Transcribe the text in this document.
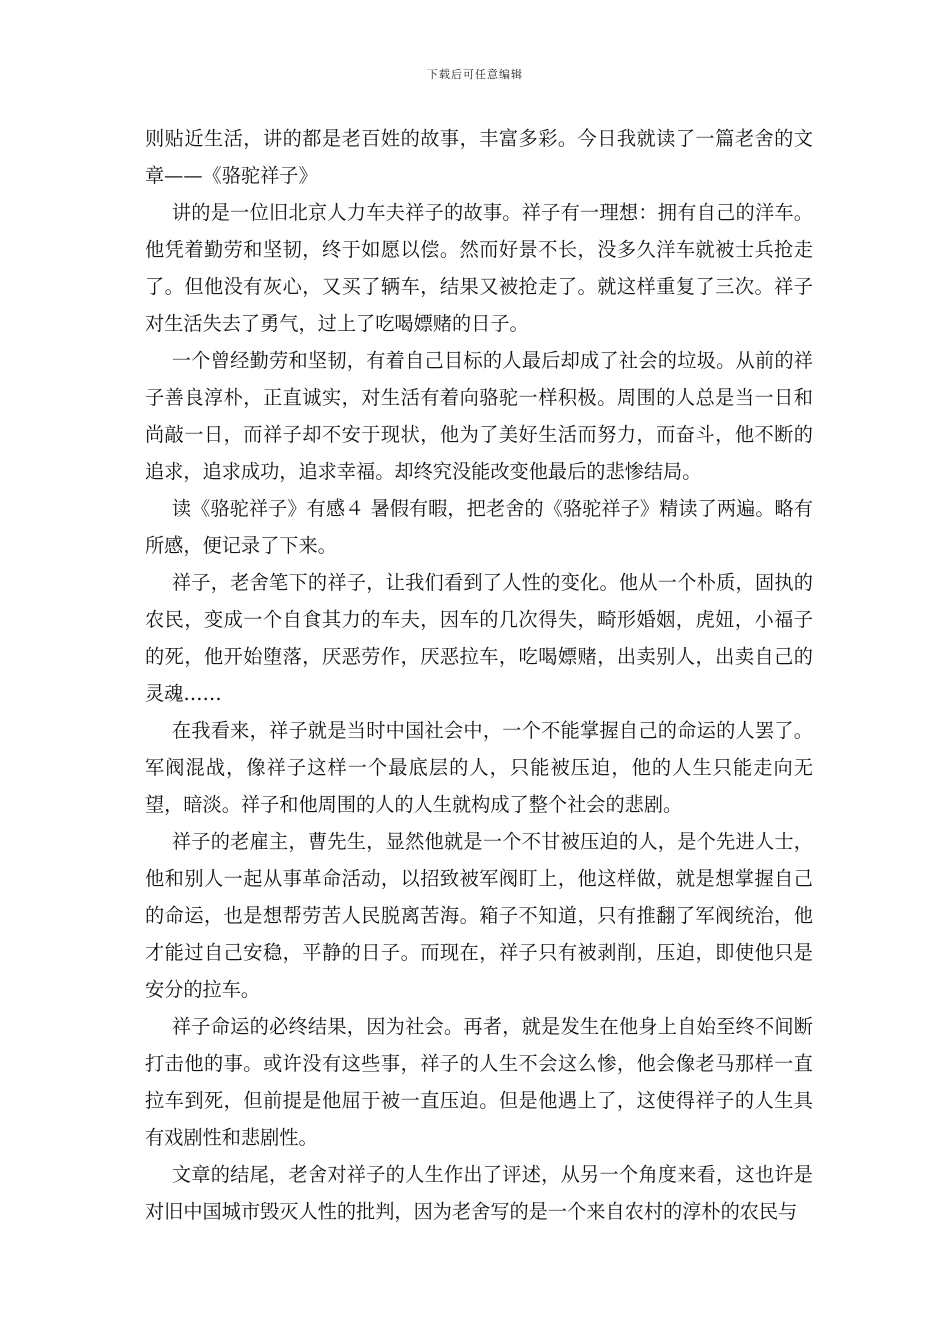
下载后可任意编辑

则贴近生活，讲的都是老百姓的故事，丰富多彩。今日我就读了一篇老舍的文章——《骆驼祥子》

讲的是一位旧北京人力车夫祥子的故事。祥子有一理想：拥有自己的洋车。他凭着勤劳和坚韧，终于如愿以偿。然而好景不长，没多久洋车就被士兵抢走了。但他没有灰心，又买了辆车，结果又被抢走了。就这样重复了三次。祥子对生活失去了勇气，过上了吃喝嫖赌的日子。

一个曾经勤劳和坚韧，有着自己目标的人最后却成了社会的垃圾。从前的祥子善良淳朴，正直诚实，对生活有着向骆驼一样积极。周围的人总是当一日和尚敲一日，而祥子却不安于现状，他为了美好生活而努力，而奋斗，他不断的追求，追求成功，追求幸福。却终究没能改变他最后的悲惨结局。

读《骆驼祥子》有感４ 暑假有暇，把老舍的《骆驼祥子》精读了两遍。略有所感，便记录了下来。

祥子，老舍笔下的祥子，让我们看到了人性的变化。他从一个朴质，固执的农民，变成一个自食其力的车夫，因车的几次得失，畸形婚姻，虎妞，小福子的死，他开始堕落，厌恶劳作，厌恶拉车，吃喝嫖赌，出卖别人，出卖自己的灵魂……

在我看来，祥子就是当时中国社会中，一个不能掌握自己的命运的人罢了。军阀混战，像祥子这样一个最底层的人，只能被压迫，他的人生只能走向无望，暗淡。祥子和他周围的人的人生就构成了整个社会的悲剧。

祥子的老雇主，曹先生，显然他就是一个不甘被压迫的人，是个先进人士，他和别人一起从事革命活动，以招致被军阀盯上，他这样做，就是想掌握自己的命运，也是想帮劳苦人民脱离苦海。箱子不知道，只有推翻了军阀统治，他才能过自己安稳，平静的日子。而现在，祥子只有被剥削，压迫，即使他只是安分的拉车。

祥子命运的必终结果，因为社会。再者，就是发生在他身上自始至终不间断打击他的事。或许没有这些事，祥子的人生不会这么惨，他会像老马那样一直拉车到死，但前提是他屈于被一直压迫。但是他遇上了，这使得祥子的人生具有戏剧性和悲剧性。

文章的结尾，老舍对祥子的人生作出了评述，从另一个角度来看，这也许是对旧中国城市毁灭人性的批判，因为老舍写的是一个来自农村的淳朴的农民与
